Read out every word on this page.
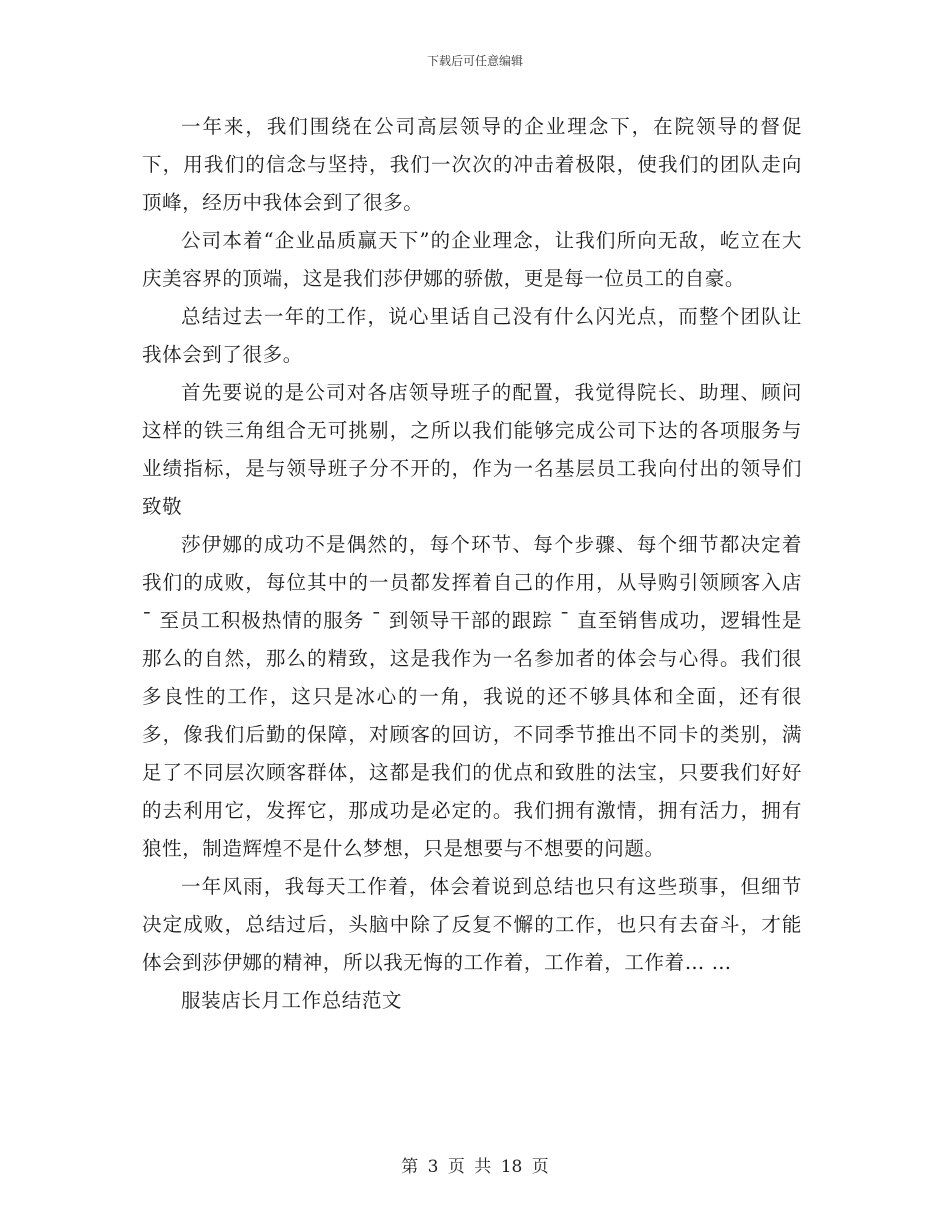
下载后可任意编辑

一年来，我们围绕在公司高层领导的企业理念下，在院领导的督促下，用我们的信念与坚持，我们一次次的冲击着极限，使我们的团队走向顶峰，经历中我体会到了很多。

公司本着“企业品质赢天下”的企业理念，让我们所向无敌，屹立在大庆美容界的顶端，这是我们莎伊娜的骄傲，更是每一位员工的自豪。

总结过去一年的工作，说心里话自己没有什么闪光点，而整个团队让我体会到了很多。

首先要说的是公司对各店领导班子的配置，我觉得院长、助理、顾问这样的铁三角组合无可挑剔，之所以我们能够完成公司下达的各项服务与业绩指标，是与领导班子分不开的，作为一名基层员工我向付出的领导们致敬

莎伊娜的成功不是偶然的，每个环节、每个步骤、每个细节都决定着我们的成败，每位其中的一员都发挥着自己的作用，从导购引领顾客入店 ¯ 至员工积极热情的服务 ¯ 到领导干部的跟踪 ¯ 直至销售成功，逻辑性是那么的自然，那么的精致，这是我作为一名参加者的体会与心得。我们很多良性的工作，这只是冰心的一角，我说的还不够具体和全面，还有很多，像我们后勤的保障，对顾客的回访，不同季节推出不同卡的类别，满足了不同层次顾客群体，这都是我们的优点和致胜的法宝，只要我们好好的去利用它，发挥它，那成功是必定的。我们拥有激情，拥有活力，拥有狼性，制造辉煌不是什么梦想，只是想要与不想要的问题。

一年风雨，我每天工作着，体会着说到总结也只有这些琐事，但细节决定成败，总结过后，头脑中除了反复不懈的工作，也只有去奋斗，才能体会到莎伊娜的精神，所以我无悔的工作着，工作着，工作着… …

服装店长月工作总结范文

第 3 页 共 18 页
